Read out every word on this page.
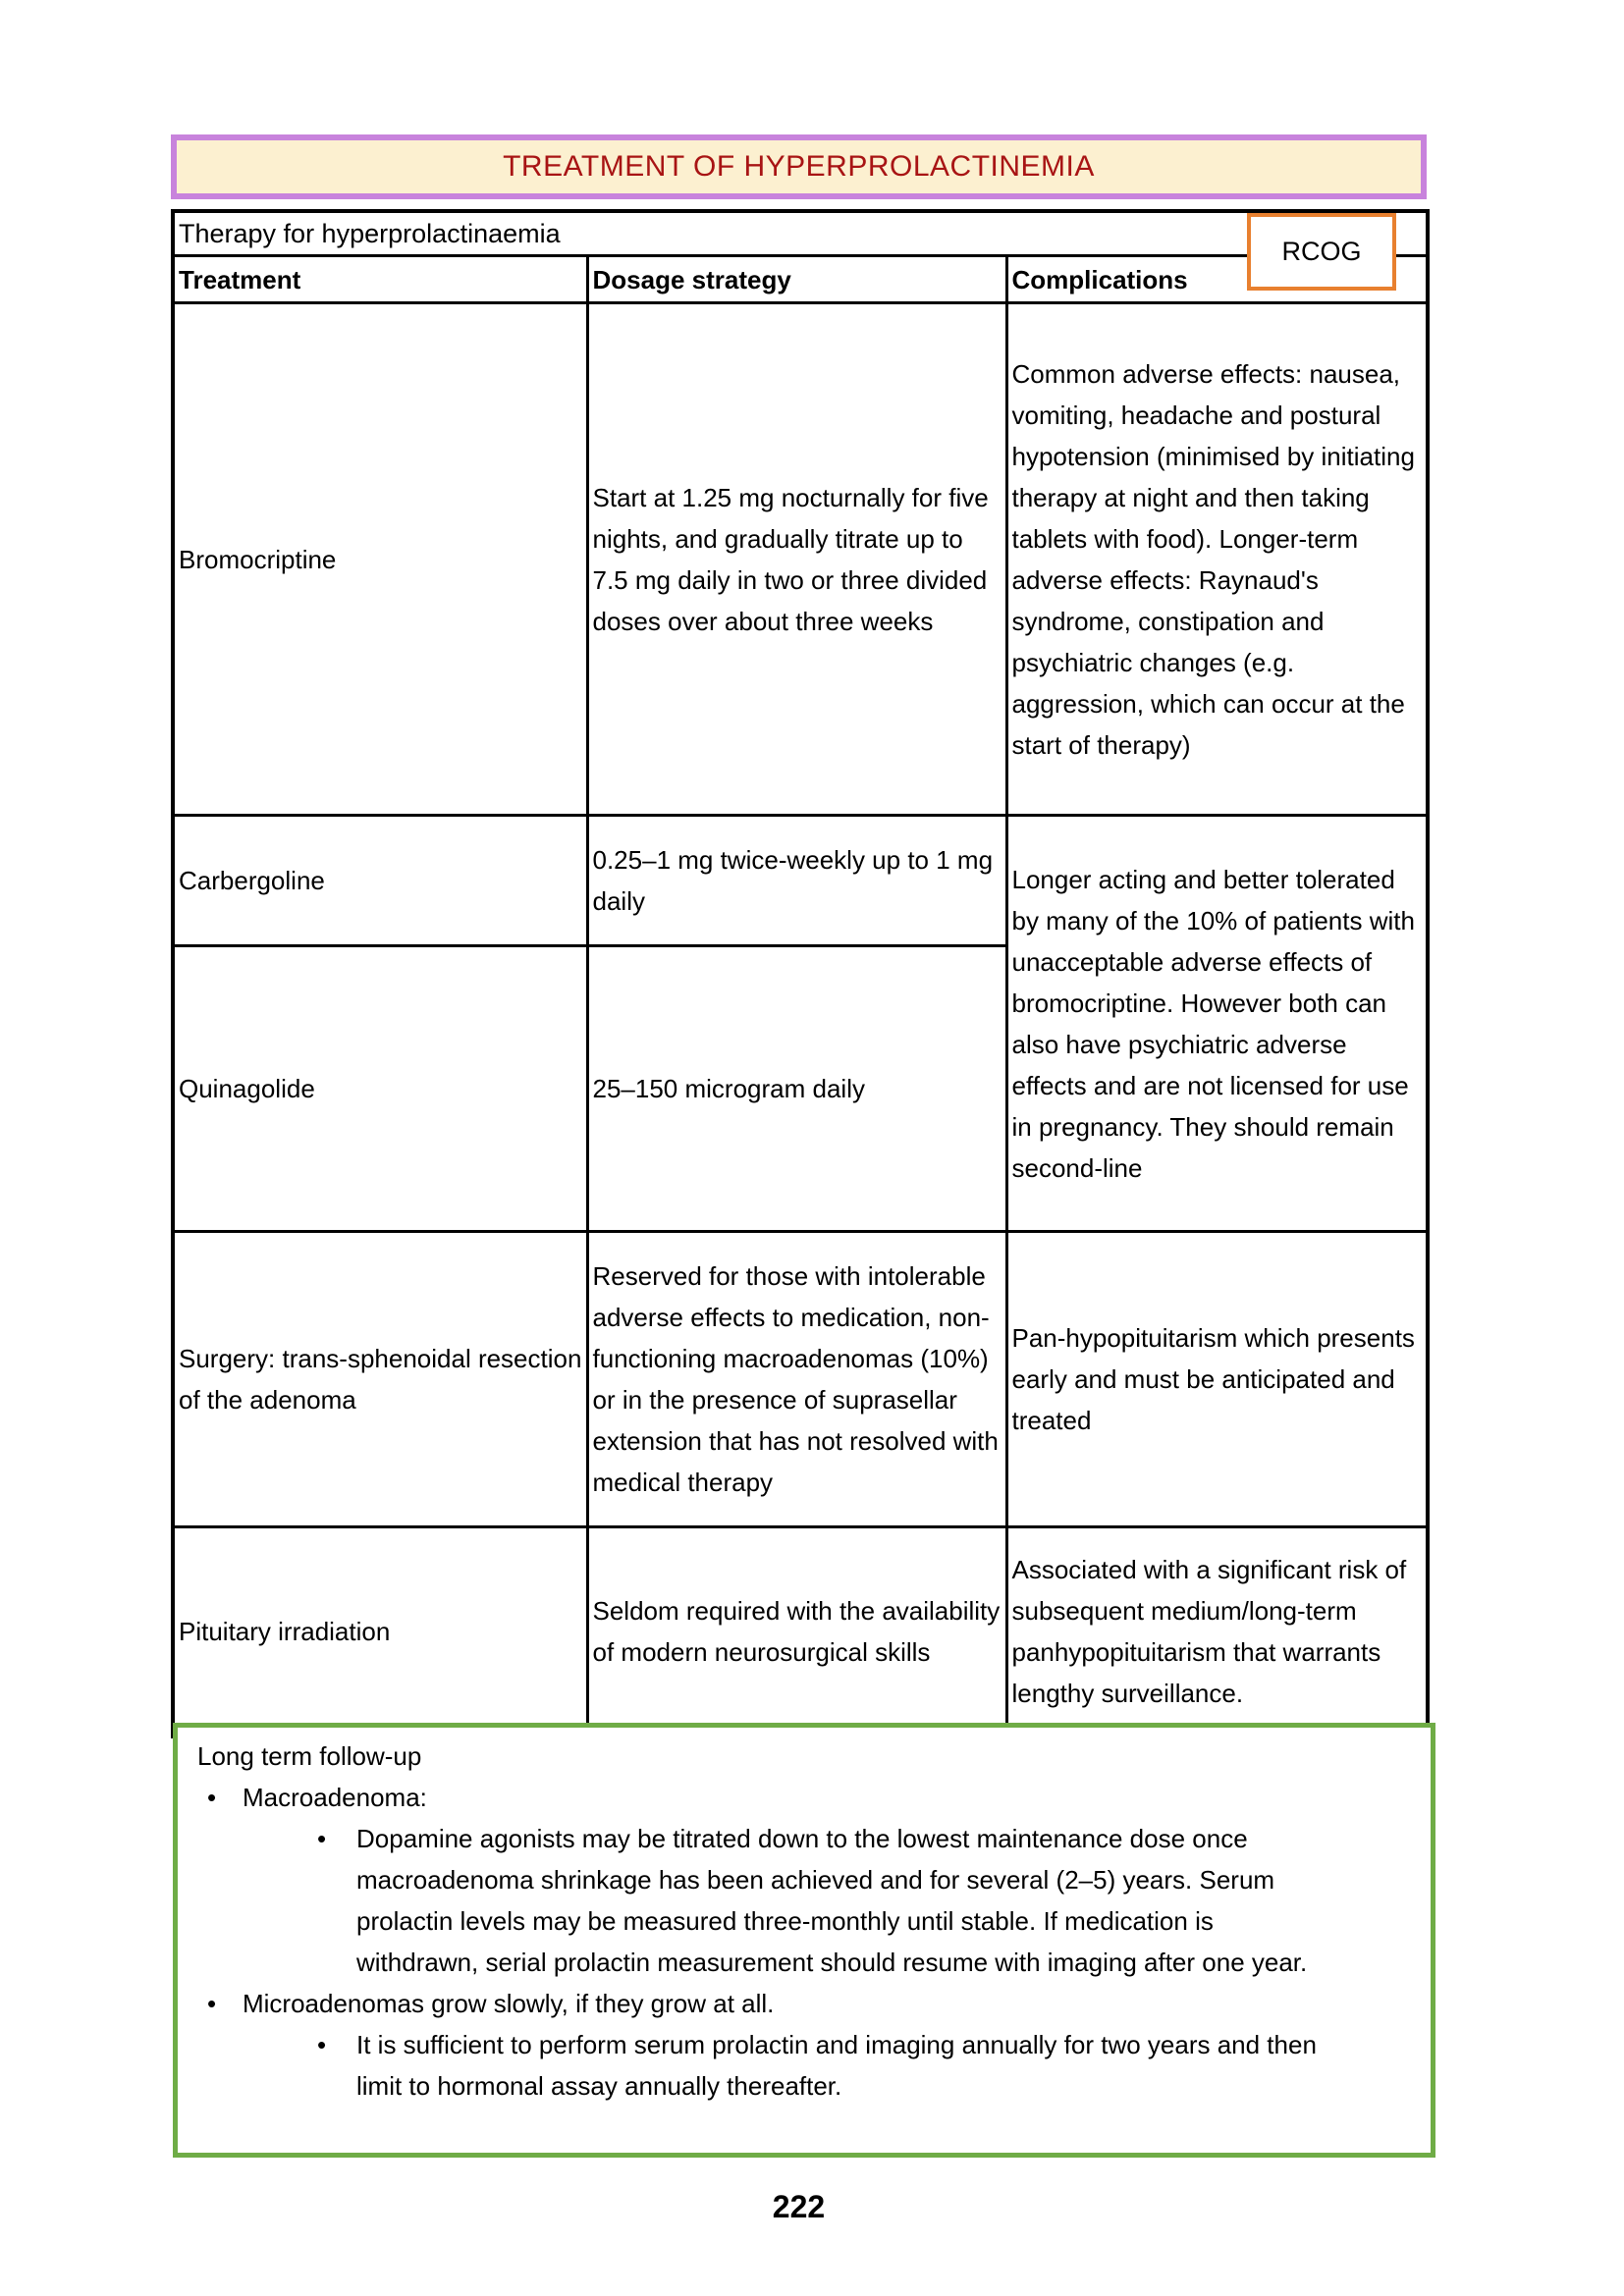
TREATMENT OF HYPERPROLACTINEMIA
Therapy for hyperprolactinaemia		
Treatment	Dosage strategy	Complications
Bromocriptine	Start at 1.25 mg nocturnally for five nights, and gradually titrate up to 7.5 mg daily in two or three divided doses over about three weeks	Common adverse effects: nausea, vomiting, headache and postural hypotension (minimised by initiating therapy at night and then taking tablets with food). Longer-term adverse effects: Raynaud's syndrome, constipation and psychiatric changes (e.g. aggression, which can occur at the start of therapy)
Carbergoline	0.25–1 mg twice-weekly up to 1 mg daily	Longer acting and better tolerated by many of the 10% of patients with unacceptable adverse effects of bromocriptine. However both can also have psychiatric adverse effects and are not licensed for use in pregnancy. They should remain second-line
Quinagolide	25–150 microgram daily	
Surgery: trans-sphenoidal resection of the adenoma	Reserved for those with intolerable adverse effects to medication, non-functioning macroadenomas (10%) or in the presence of suprasellar extension that has not resolved with medical therapy	Pan-hypopituitarism which presents early and must be anticipated and treated
Pituitary irradiation	Seldom required with the availability of modern neurosurgical skills	Associated with a significant risk of subsequent medium/long-term panhypopituitarism that warrants lengthy surveillance.
RCOG
Long term follow-up
•	Macroadenoma:
•	Dopamine agonists may be titrated down to the lowest maintenance dose once macroadenoma shrinkage has been achieved and for several (2–5) years. Serum prolactin levels may be measured three-monthly until stable. If medication is withdrawn, serial prolactin measurement should resume with imaging after one year.
•	Microadenomas grow slowly, if they grow at all.
•	It is sufficient to perform serum prolactin and imaging annually for two years and then limit to hormonal assay annually thereafter.
222
